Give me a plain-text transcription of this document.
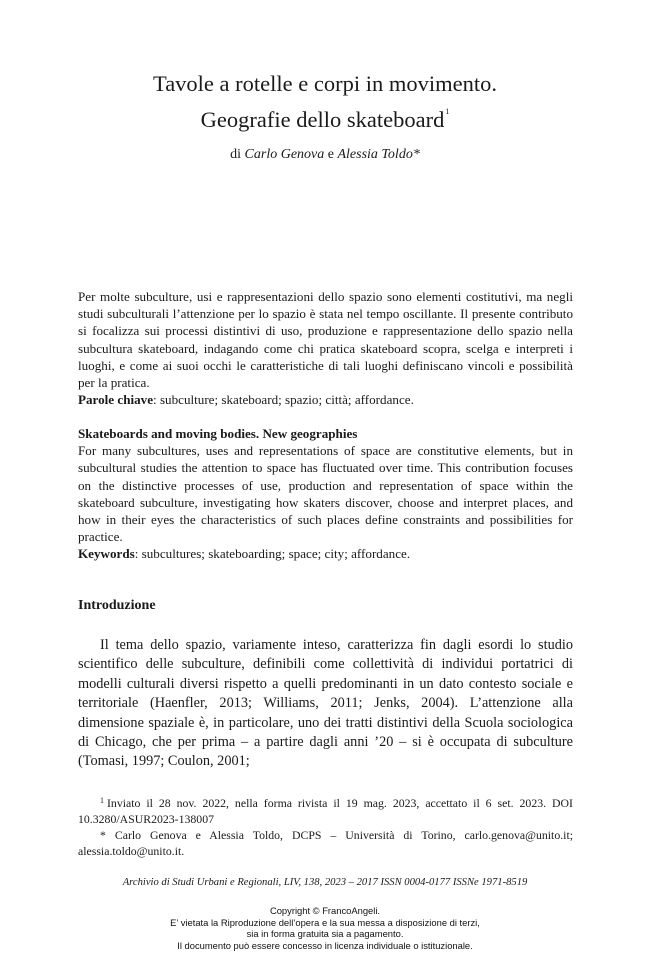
Tavole a rotelle e corpi in movimento.
Geografie dello skateboard$^1$
di Carlo Genova e Alessia Toldo*
Per molte subculture, usi e rappresentazioni dello spazio sono elementi costitutivi, ma negli studi subculturali l’attenzione per lo spazio è stata nel tempo oscillante. Il presente contributo si focalizza sui processi distintivi di uso, produzione e rappresentazione dello spazio nella subcultura skateboard, indagando come chi pratica skateboard scopra, scelga e interpreti i luoghi, e come ai suoi occhi le caratteristiche di tali luoghi definiscano vincoli e possibilità per la pratica.
Parole chiave: subculture; skateboard; spazio; città; affordance.
Skateboards and moving bodies. New geographies
For many subcultures, uses and representations of space are constitutive elements, but in subcultural studies the attention to space has fluctuated over time. This contribution focuses on the distinctive processes of use, production and representation of space within the skateboard subculture, investigating how skaters discover, choose and interpret places, and how in their eyes the characteristics of such places define constraints and possibilities for practice.
Keywords: subcultures; skateboarding; space; city; affordance.
Introduzione
Il tema dello spazio, variamente inteso, caratterizza fin dagli esordi lo studio scientifico delle subculture, definibili come collettività di individui portatrici di modelli culturali diversi rispetto a quelli predominanti in un dato contesto sociale e territoriale (Haenfler, 2013; Williams, 2011; Jenks, 2004). L’attenzione alla dimensione spaziale è, in particolare, uno dei tratti distintivi della Scuola sociologica di Chicago, che per prima – a partire dagli anni ’20 – si è occupata di subculture (Tomasi, 1997; Coulon, 2001;

$^1$ Inviato il 28 nov. 2022, nella forma rivista il 19 mag. 2023, accettato il 6 set. 2023. DOI 10.3280/ASUR2023-138007

* Carlo Genova e Alessia Toldo, DCPS – Università di Torino, carlo.genova@unito.it; alessia.toldo@unito.it.

Archivio di Studi Urbani e Regionali, LIV, 138, 2023 – 2017 ISSN 0004-0177 ISSNe 1971-8519
Copyright © FrancoAngeli.
E’ vietata la Riproduzione dell’opera e la sua messa a disposizione di terzi,
sia in forma gratuita sia a pagamento.
Il documento può essere concesso in licenza individuale o istituzionale.
